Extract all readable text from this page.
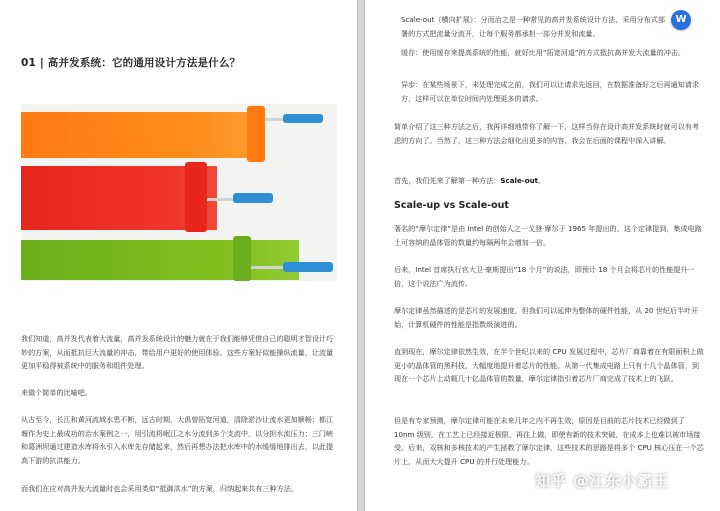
01 | 高并发系统：它的通用设计方法是什么？
我们知道，高并发代表着大流量，高并发系统设计的魅力就在于我们能够凭借自己的聪明才智设计巧妙的方案，从而抵抗巨大流量的冲击，带给用户更好的使用体验。这些方案好似能操纵流量，让流量更加平稳得被系统中的服务和组件处理。
来做个简单的比喻吧。
从古至今，长江和黄河流域水患不断，远古时期，大禹曾拓宽河道，清除淤沙让流水更加顺畅；都江堰作为史上最成功的治水案例之一，用引流将岷江之水分流到多个支流中，以分担水流压力；三门峡和葛洲坝通过建造水库将水引入水库先存储起来，然后再想办法把水库中的水缓缓地排出去，以此提高下游的抗洪能力。
而我们在应对高并发大流量时也会采用类似“抵御洪水”的方案，归纳起来共有三种方法。
Scale-out（横向扩展）：分而治之是一种常见的高并发系统设计方法，采用分布式部署的方式把流量分流开，让每个服务都承担一部分并发和流量。
缓存：使用缓存来提高系统的性能，就好比用“拓宽河道”的方式抵抗高并发大流量的冲击。
异步：在某些场景下，未处理完成之前，我们可以让请求先返回，在数据准备好之后再通知请求方，这样可以在单位时间内处理更多的请求。
简单介绍了这三种方法之后，我再详细地带你了解一下，这样当你在设计高并发系统时就可以有考虑的方向了。当然了，这三种方法会细化出更多的内容，我会在后面的课程中深入讲解。
首先，我们先来了解第一种方法：Scale-out。
Scale-up vs Scale-out
著名的“摩尔定律”是由 Intel 的创始人之一戈登·摩尔于 1965 年提出的。这个定律提到，集成电路上可容纳的晶体管的数量约每隔两年会增加一倍。
后来，Intel 首席执行官大卫·豪斯提出“18 个月”的说法，即预计 18 个月会将芯片的性能提升一倍，这个说法广为流传。
摩尔定律虽然描述的是芯片的发展速度，但我们可以延伸为整体的硬件性能，从 20 世纪后半叶开始，计算机硬件的性能是指数级演进的。
直到现在，摩尔定律依然生效，在半个世纪以来的 CPU 发展过程中，芯片厂商靠着在有限面积上做更小的晶体管的黑科技，大幅度地提升着芯片的性能。从第一代集成电路上只有十几个晶体管，到现在一个芯片上动辄几十亿晶体管的数量，摩尔定律指引着芯片厂商完成了技术上的飞跃。
但是有专家预测，摩尔定律可能在未来几年之内不再生效，原因是目前的芯片技术已经做到了 10nm 级别，在工艺上已经接近极限，再往上做，即使有新的技术突破，在成本上也难以被市场接受。后来，双核和多核技术的产生拯救了摩尔定律，这些技术的思路是将多个 CPU 核心压在一个芯片上，从而大大提升 CPU 的并行处理能力。
W
知乎 @江东小霸王
